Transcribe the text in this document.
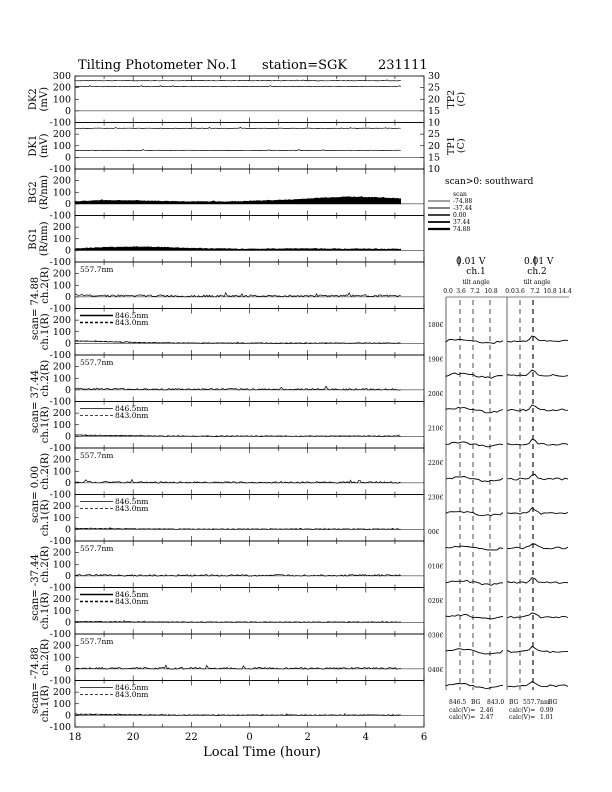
Tilting Photometer No.1 station=SGK 231111
300
200
100
0
-100
30
25
20
15
10
TP2 (C)
DK2 (mV)
200
100
0
-100
25
20
15
10
TP1 (C)
DK1 (mV)
200
100
0
-100
BG2 (R/nm)
200
100
0
-100
BG1 (R/nm)
200
100
0
-100
ch.2(R)
scan= 74.88
557.7nm
200
100
0
-100
ch.1(R)	846.5nm
843.0nm
200
100
0
-100
ch.2(R)
scan= 37.44
557.7nm
200
100
0
-100
ch.1(R)	846.5nm
843.0nm
200
100
0
-100
ch.2(R)
scan= 0.00
557.7nm
200
100
0
-100
ch.1(R)	846.5nm
843.0nm
200
100
0
-100
ch.2(R)
scan= -37.44
557.7nm
200
100
0
-100
ch.1(R)	846.5nm
843.0nm
200
100
0
-100
ch.2(R)
scan= -74.88
557.7nm
200
100
0
-100
ch.1(R)	846.5nm
843.0nm
Local Time (hour)
18	20	22	0	2	4	6
scan>0: southward
scan
-74.88
-37.44
0.00
37.44
74.88
0.01 V	0.01 V
ch.1	ch.2
tilt angle	tilt angle
0.0 3.6 7.2 10.8 0.0 3.6 7.2 10.8 14.4
180€
190€
200€
210€
220€
230€
00€
010€
020€
030€
040€
846.5 BG 843.0 BG 557.7nm
BG
calc(V)= 2.46
calc(V)= 2.47
calc(V)= 0.99
calc(V)= 1.01
